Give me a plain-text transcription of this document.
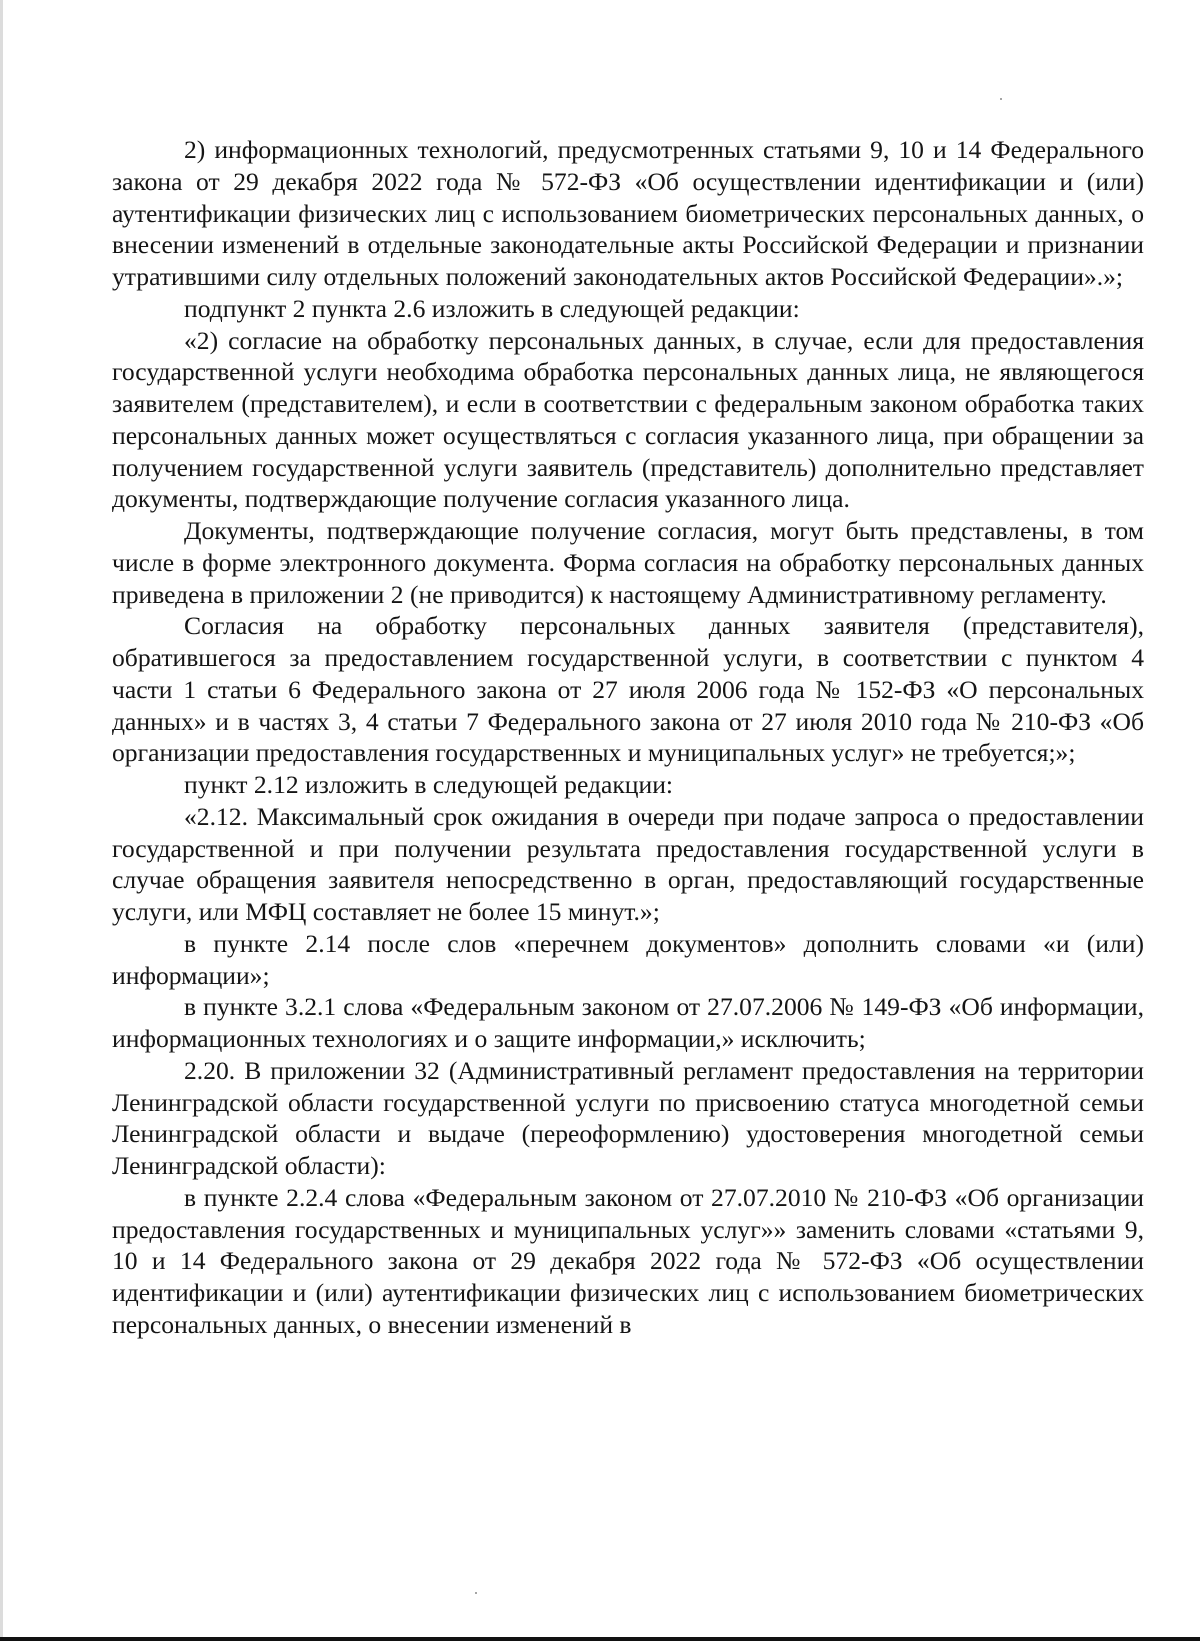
2) информационных технологий, предусмотренных статьями 9, 10 и 14 Федерального закона от 29 декабря 2022 года № 572-ФЗ «Об осуществлении идентификации и (или) аутентификации физических лиц с использованием биометрических персональных данных, о внесении изменений в отдельные законодательные акты Российской Федерации и признании утратившими силу отдельных положений законодательных актов Российской Федерации».»;

подпункт 2 пункта 2.6 изложить в следующей редакции:

«2) согласие на обработку персональных данных, в случае, если для предоставления государственной услуги необходима обработка персональных данных лица, не являющегося заявителем (представителем), и если в соответствии с федеральным законом обработка таких персональных данных может осуществляться с согласия указанного лица, при обращении за получением государственной услуги заявитель (представитель) дополнительно представляет документы, подтверждающие получение согласия указанного лица.

Документы, подтверждающие получение согласия, могут быть представлены, в том числе в форме электронного документа. Форма согласия на обработку персональных данных приведена в приложении 2 (не приводится) к настоящему Административному регламенту.

Согласия на обработку персональных данных заявителя (представителя), обратившегося за предоставлением государственной услуги, в соответствии с пунктом 4 части 1 статьи 6 Федерального закона от 27 июля 2006 года № 152-ФЗ «О персональных данных» и в частях 3, 4 статьи 7 Федерального закона от 27 июля 2010 года № 210-ФЗ «Об организации предоставления государственных и муниципальных услуг» не требуется;»;

пункт 2.12 изложить в следующей редакции:

«2.12. Максимальный срок ожидания в очереди при подаче запроса о предоставлении государственной и при получении результата предоставления государственной услуги в случае обращения заявителя непосредственно в орган, предоставляющий государственные услуги, или МФЦ составляет не более 15 минут.»;

в пункте 2.14 после слов «перечнем документов» дополнить словами «и (или) информации»;

в пункте 3.2.1 слова «Федеральным законом от 27.07.2006 № 149-ФЗ «Об информации, информационных технологиях и о защите информации,» исключить;

2.20. В приложении 32 (Административный регламент предоставления на территории Ленинградской области государственной услуги по присвоению статуса многодетной семьи Ленинградской области и выдаче (переоформлению) удостоверения многодетной семьи Ленинградской области):

в пункте 2.2.4 слова «Федеральным законом от 27.07.2010 № 210-ФЗ «Об организации предоставления государственных и муниципальных услуг»» заменить словами «статьями 9, 10 и 14 Федерального закона от 29 декабря 2022 года № 572-ФЗ «Об осуществлении идентификации и (или) аутентификации физических лиц с использованием биометрических персональных данных, о внесении изменений в
